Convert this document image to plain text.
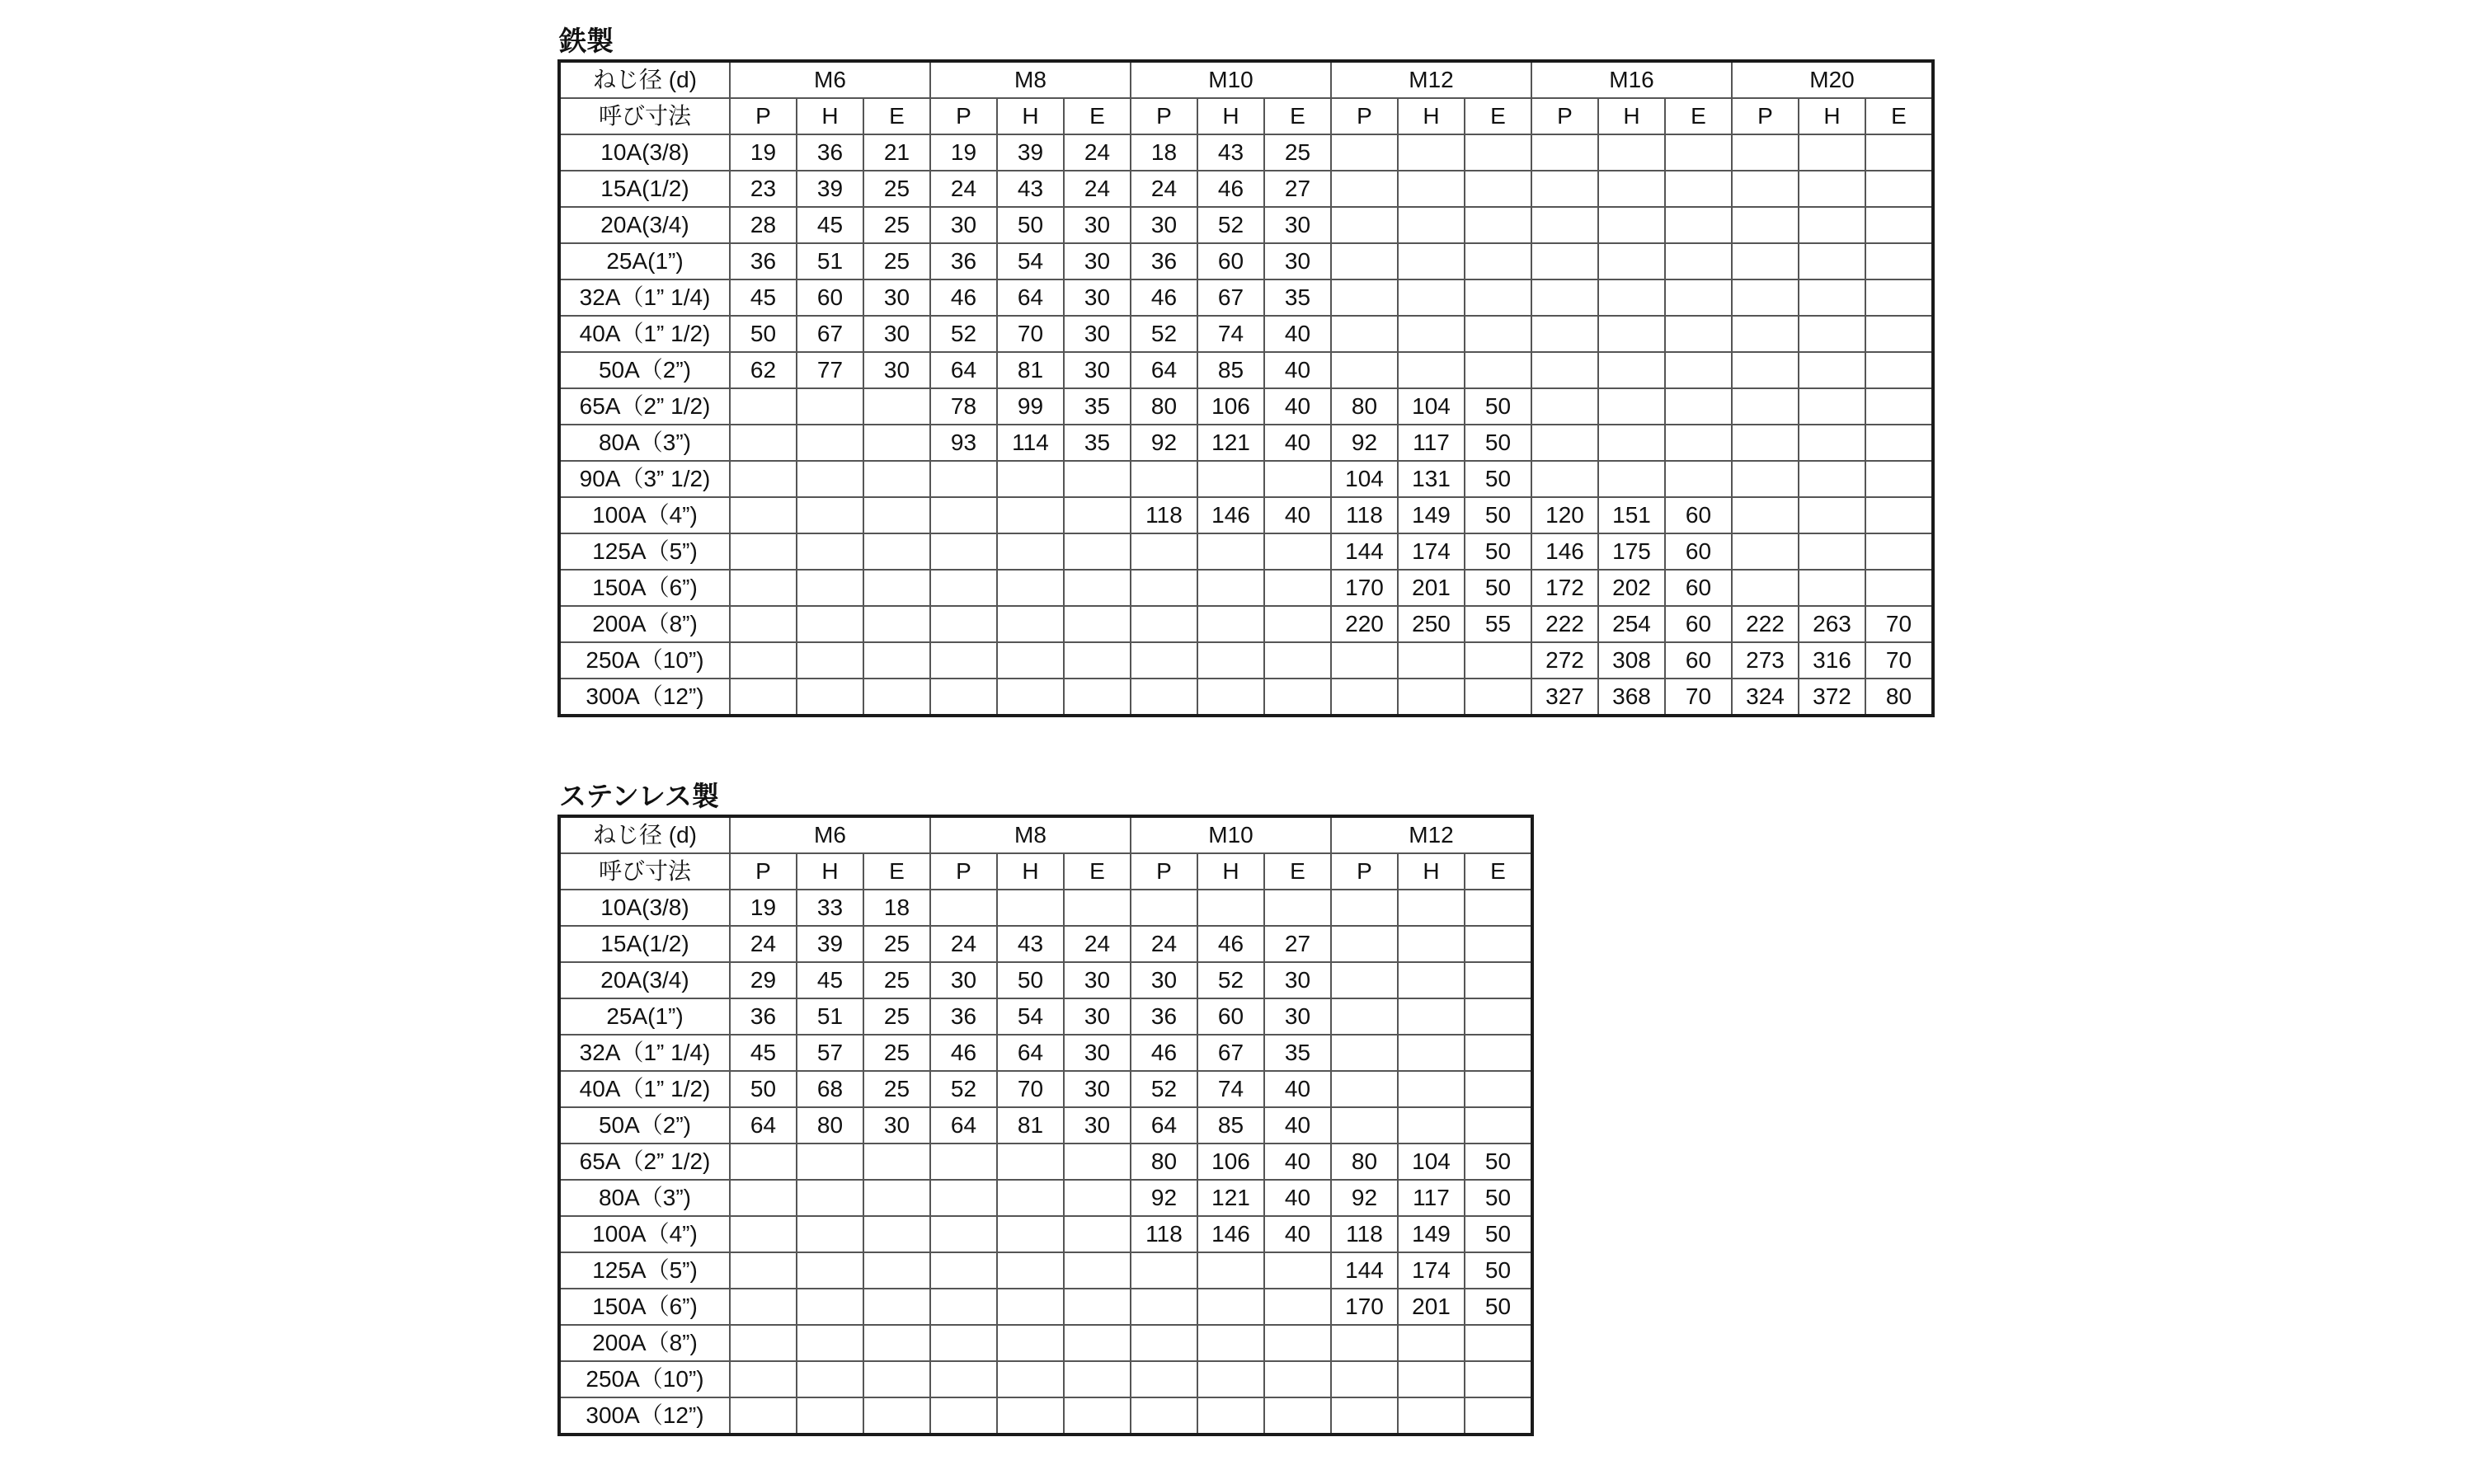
鉄製
ねじ径 (d)	M6			M8			M10			M12			M16			M20		
呼び寸法	P	H	E	P	H	E	P	H	E	P	H	E	P	H	E	P	H	E
10A(3/8)	19	36	21	19	39	24	18	43	25									
15A(1/2)	23	39	25	24	43	24	24	46	27									
20A(3/4)	28	45	25	30	50	30	30	52	30									
25A(1”)	36	51	25	36	54	30	36	60	30									
32A（1” 1/4)	45	60	30	46	64	30	46	67	35									
40A（1” 1/2)	50	67	30	52	70	30	52	74	40									
50A（2”)	62	77	30	64	81	30	64	85	40									
65A（2” 1/2)				78	99	35	80	106	40	80	104	50						
80A（3”)				93	114	35	92	121	40	92	117	50						
90A（3” 1/2)										104	131	50						
100A（4”)							118	146	40	118	149	50	120	151	60			
125A（5”)										144	174	50	146	175	60			
150A（6”)										170	201	50	172	202	60			
200A（8”)										220	250	55	222	254	60	222	263	70
250A（10”)													272	308	60	273	316	70
300A（12”)													327	368	70	324	372	80
ステンレス製
ねじ径 (d)	M6			M8			M10			M12		
呼び寸法	P	H	E	P	H	E	P	H	E	P	H	E
10A(3/8)	19	33	18									
15A(1/2)	24	39	25	24	43	24	24	46	27			
20A(3/4)	29	45	25	30	50	30	30	52	30			
25A(1”)	36	51	25	36	54	30	36	60	30			
32A（1” 1/4)	45	57	25	46	64	30	46	67	35			
40A（1” 1/2)	50	68	25	52	70	30	52	74	40			
50A（2”)	64	80	30	64	81	30	64	85	40			
65A（2” 1/2)							80	106	40	80	104	50
80A（3”)							92	121	40	92	117	50
100A（4”)							118	146	40	118	149	50
125A（5”)										144	174	50
150A（6”)										170	201	50
200A（8”)												
250A（10”)												
300A（12”)												
